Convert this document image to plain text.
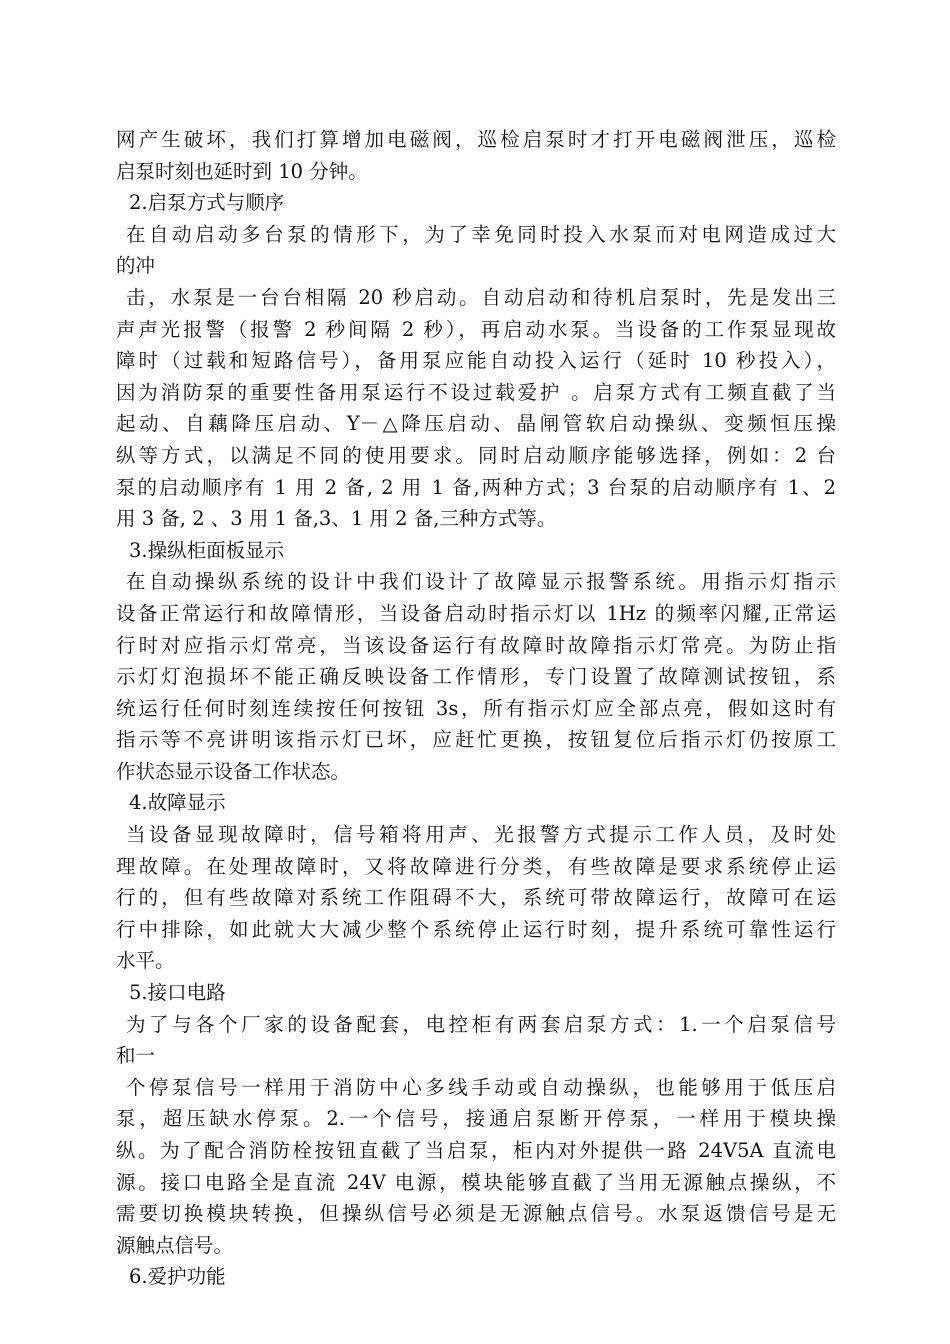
网产生破坏，我们打算增加电磁阀，巡检启泵时才打开电磁阀泄压，巡检
启泵时刻也延时到 10 分钟。
2.启泵方式与顺序
在自动启动多台泵的情形下，为了幸免同时投入水泵而对电网造成过大
的冲
击，水泵是一台台相隔 20 秒启动。自动启动和待机启泵时，先是发出三
声声光报警（报警 2 秒间隔 2 秒），再启动水泵。当设备的工作泵显现故
障时（过载和短路信号），备用泵应能自动投入运行（延时 10 秒投入），
因为消防泵的重要性备用泵运行不设过载爱护 。启泵方式有工频直截了当
起动、自藕降压启动、Y－△降压启动、晶闸管软启动操纵、变频恒压操
纵等方式，以满足不同的使用要求。同时启动顺序能够选择，例如：2 台
泵的启动顺序有 1 用 2 备, 2 用 1 备,两种方式；3 台泵的启动顺序有 1、2
用 3 备, 2 、3 用 1 备,3、1 用 2 备,三种方式等。
3.操纵柜面板显示
在自动操纵系统的设计中我们设计了故障显示报警系统。用指示灯指示
设备正常运行和故障情形，当设备启动时指示灯以 1Hz 的频率闪耀,正常运
行时对应指示灯常亮，当该设备运行有故障时故障指示灯常亮。为防止指
示灯灯泡损坏不能正确反映设备工作情形，专门设置了故障测试按钮，系
统运行任何时刻连续按任何按钮 3s，所有指示灯应全部点亮，假如这时有
指示等不亮讲明该指示灯已坏，应赶忙更换，按钮复位后指示灯仍按原工
作状态显示设备工作状态。
4.故障显示
当设备显现故障时，信号箱将用声、光报警方式提示工作人员，及时处
理故障。在处理故障时，又将故障进行分类，有些故障是要求系统停止运
行的，但有些故障对系统工作阻碍不大，系统可带故障运行，故障可在运
行中排除，如此就大大减少整个系统停止运行时刻，提升系统可靠性运行
水平。
5.接口电路
为了与各个厂家的设备配套，电控柜有两套启泵方式：1.一个启泵信号
和一
个停泵信号一样用于消防中心多线手动或自动操纵，也能够用于低压启
泵，超压缺水停泵。2.一个信号，接通启泵断开停泵，一样用于模块操
纵。为了配合消防栓按钮直截了当启泵，柜内对外提供一路 24V5A 直流电
源。接口电路全是直流 24V 电源，模块能够直截了当用无源触点操纵，不
需要切换模块转换，但操纵信号必须是无源触点信号。水泵返馈信号是无
源触点信号。
6.爱护功能
